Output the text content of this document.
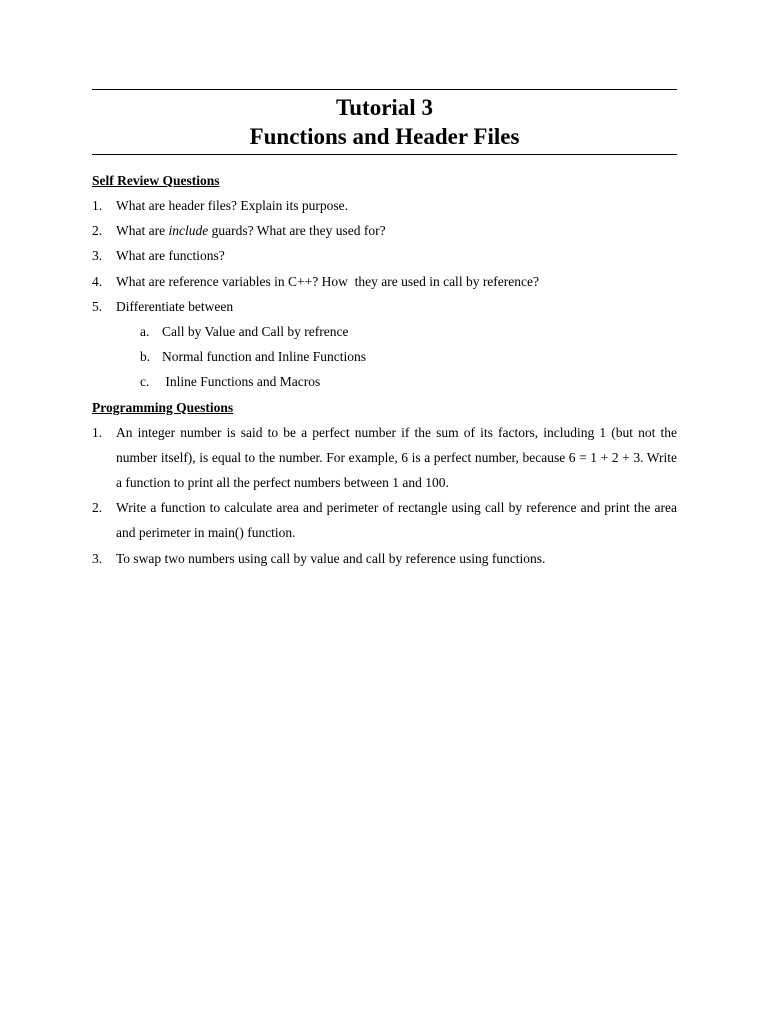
Tutorial 3
Functions and Header Files
Self Review Questions
1. What are header files? Explain its purpose.
2. What are include guards? What are they used for?
3. What are functions?
4. What are reference variables in C++? How  they are used in call by reference?
5. Differentiate between
a. Call by Value and Call by refrence
b. Normal function and Inline Functions
c. Inline Functions and Macros
Programming Questions
1. An integer number is said to be a perfect number if the sum of its factors, including 1 (but not the number itself), is equal to the number. For example, 6 is a perfect number, because 6 = 1 + 2 + 3. Write a function to print all the perfect numbers between 1 and 100.
2. Write a function to calculate area and perimeter of rectangle using call by reference and print the area and perimeter in main() function.
3. To swap two numbers using call by value and call by reference using functions.
